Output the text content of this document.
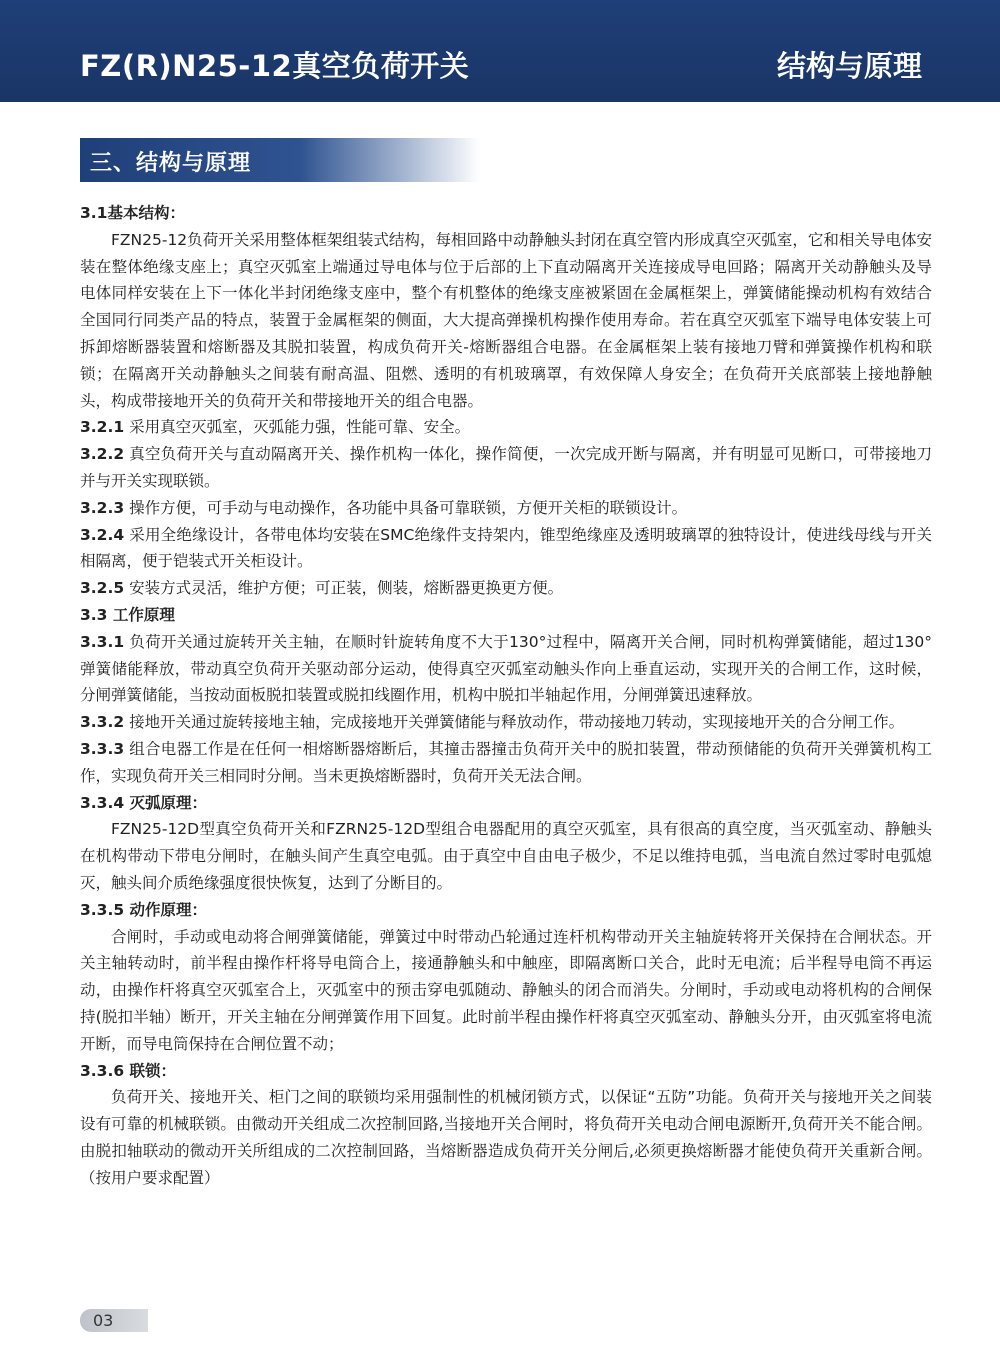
FZ(R)N25-12真空负荷开关	结构与原理
三、结构与原理

3.1基本结构：

FZN25-12负荷开关采用整体框架组装式结构，每相回路中动静触头封闭在真空管内形成真空灭弧室，它和相关导电体安装在整体绝缘支座上；真空灭弧室上端通过导电体与位于后部的上下直动隔离开关连接成导电回路；隔离开关动静触头及导电体同样安装在上下一体化半封闭绝缘支座中，整个有机整体的绝缘支座被紧固在金属框架上，弹簧储能操动机构有效结合全国同行同类产品的特点，装置于金属框架的侧面，大大提高弹操机构操作使用寿命。若在真空灭弧室下端导电体安装上可拆卸熔断器装置和熔断器及其脱扣装置，构成负荷开关-熔断器组合电器。在金属框架上装有接地刀臂和弹簧操作机构和联锁；在隔离开关动静触头之间装有耐高温、阻燃、透明的有机玻璃罩，有效保障人身安全；在负荷开关底部装上接地静触头，构成带接地开关的负荷开关和带接地开关的组合电器。

3.2.1 采用真空灭弧室，灭弧能力强，性能可靠、安全。

3.2.2 真空负荷开关与直动隔离开关、操作机构一体化，操作简便，一次完成开断与隔离，并有明显可见断口，可带接地刀并与开关实现联锁。

3.2.3 操作方便，可手动与电动操作，各功能中具备可靠联锁，方便开关柜的联锁设计。

3.2.4 采用全绝缘设计，各带电体均安装在SMC绝缘件支持架内，锥型绝缘座及透明玻璃罩的独特设计，使进线母线与开关相隔离，便于铠装式开关柜设计。

3.2.5 安装方式灵活，维护方便；可正装，侧装，熔断器更换更方便。

3.3 工作原理

3.3.1 负荷开关通过旋转开关主轴，在顺时针旋转角度不大于130°过程中，隔离开关合闸，同时机构弹簧储能，超过130°弹簧储能释放，带动真空负荷开关驱动部分运动，使得真空灭弧室动触头作向上垂直运动，实现开关的合闸工作，这时候，分闸弹簧储能，当按动面板脱扣装置或脱扣线圈作用，机构中脱扣半轴起作用，分闸弹簧迅速释放。

3.3.2 接地开关通过旋转接地主轴，完成接地开关弹簧储能与释放动作，带动接地刀转动，实现接地开关的合分闸工作。

3.3.3 组合电器工作是在任何一相熔断器熔断后，其撞击器撞击负荷开关中的脱扣装置，带动预储能的负荷开关弹簧机构工作，实现负荷开关三相同时分闸。当未更换熔断器时，负荷开关无法合闸。

3.3.4 灭弧原理：

FZN25-12D型真空负荷开关和FZRN25-12D型组合电器配用的真空灭弧室，具有很高的真空度，当灭弧室动、静触头在机构带动下带电分闸时，在触头间产生真空电弧。由于真空中自由电子极少，不足以维持电弧，当电流自然过零时电弧熄灭，触头间介质绝缘强度很快恢复，达到了分断目的。

3.3.5 动作原理：

合闸时，手动或电动将合闸弹簧储能，弹簧过中时带动凸轮通过连杆机构带动开关主轴旋转将开关保持在合闸状态。开关主轴转动时，前半程由操作杆将导电筒合上，接通静触头和中触座，即隔离断口关合，此时无电流；后半程导电筒不再运动，由操作杆将真空灭弧室合上，灭弧室中的预击穿电弧随动、静触头的闭合而消失。分闸时，手动或电动将机构的合闸保持(脱扣半轴）断开，开关主轴在分闸弹簧作用下回复。此时前半程由操作杆将真空灭弧室动、静触头分开，由灭弧室将电流开断，而导电筒保持在合闸位置不动；

3.3.6 联锁：

负荷开关、接地开关、柜门之间的联锁均采用强制性的机械闭锁方式，以保证“五防”功能。负荷开关与接地开关之间装设有可靠的机械联锁。由微动开关组成二次控制回路,当接地开关合闸时，将负荷开关电动合闸电源断开,负荷开关不能合闸。由脱扣轴联动的微动开关所组成的二次控制回路，当熔断器造成负荷开关分闸后,必须更换熔断器才能使负荷开关重新合闸。（按用户要求配置）

03
